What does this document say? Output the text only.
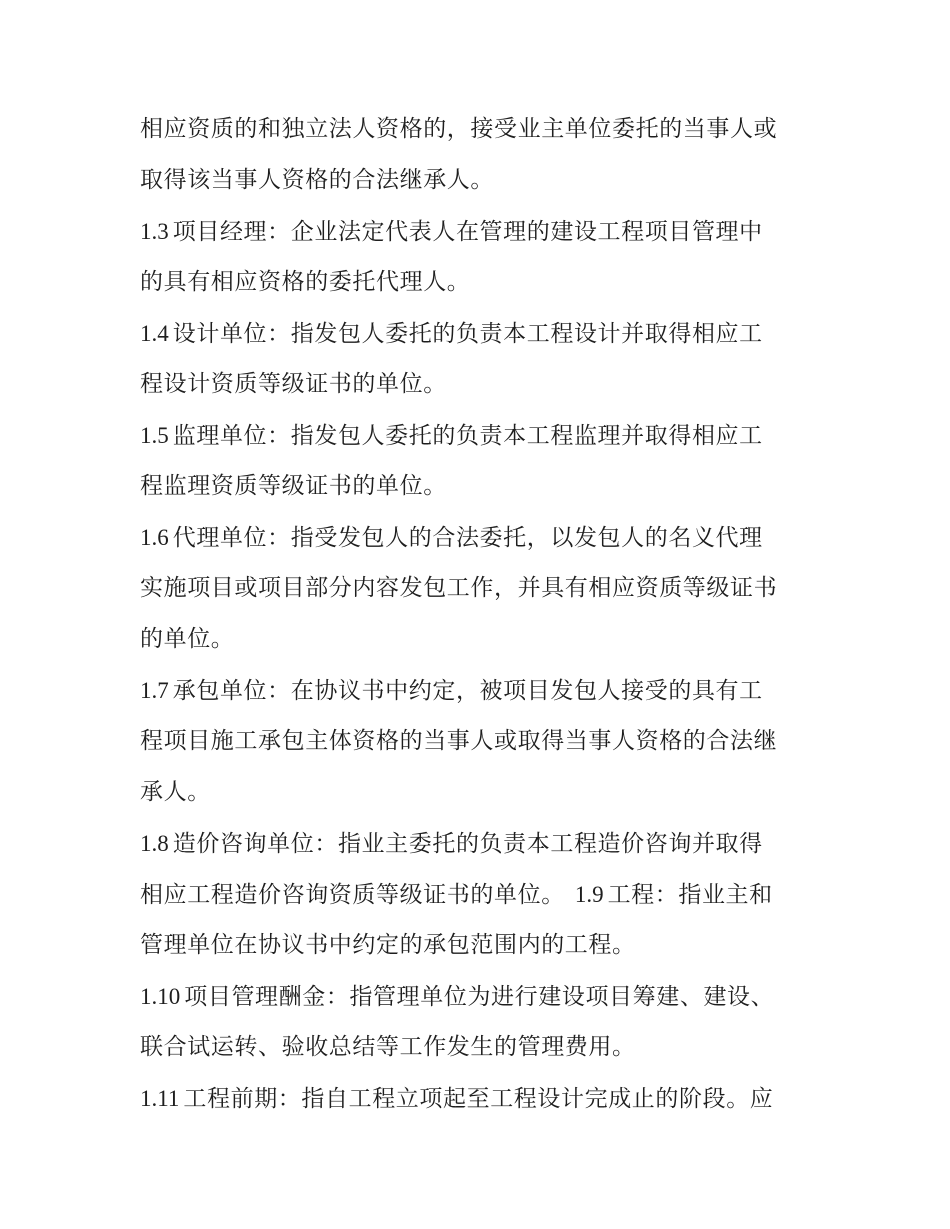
相应资质的和独立法人资格的，接受业主单位委托的当事人或
取得该当事人资格的合法继承人。
1.3 项目经理：企业法定代表人在管理的建设工程项目管理中
的具有相应资格的委托代理人。
1.4 设计单位：指发包人委托的负责本工程设计并取得相应工
程设计资质等级证书的单位。
1.5 监理单位：指发包人委托的负责本工程监理并取得相应工
程监理资质等级证书的单位。
1.6 代理单位：指受发包人的合法委托，以发包人的名义代理
实施项目或项目部分内容发包工作，并具有相应资质等级证书
的单位。
1.7 承包单位：在协议书中约定，被项目发包人接受的具有工
程项目施工承包主体资格的当事人或取得当事人资格的合法继
承人。
1.8 造价咨询单位：指业主委托的负责本工程造价咨询并取得
相应工程造价咨询资质等级证书的单位。 1.9 工程：指业主和
管理单位在协议书中约定的承包范围内的工程。
1.10 项目管理酬金：指管理单位为进行建设项目筹建、建设、
联合试运转、验收总结等工作发生的管理费用。
1.11 工程前期：指自工程立项起至工程设计完成止的阶段。应
